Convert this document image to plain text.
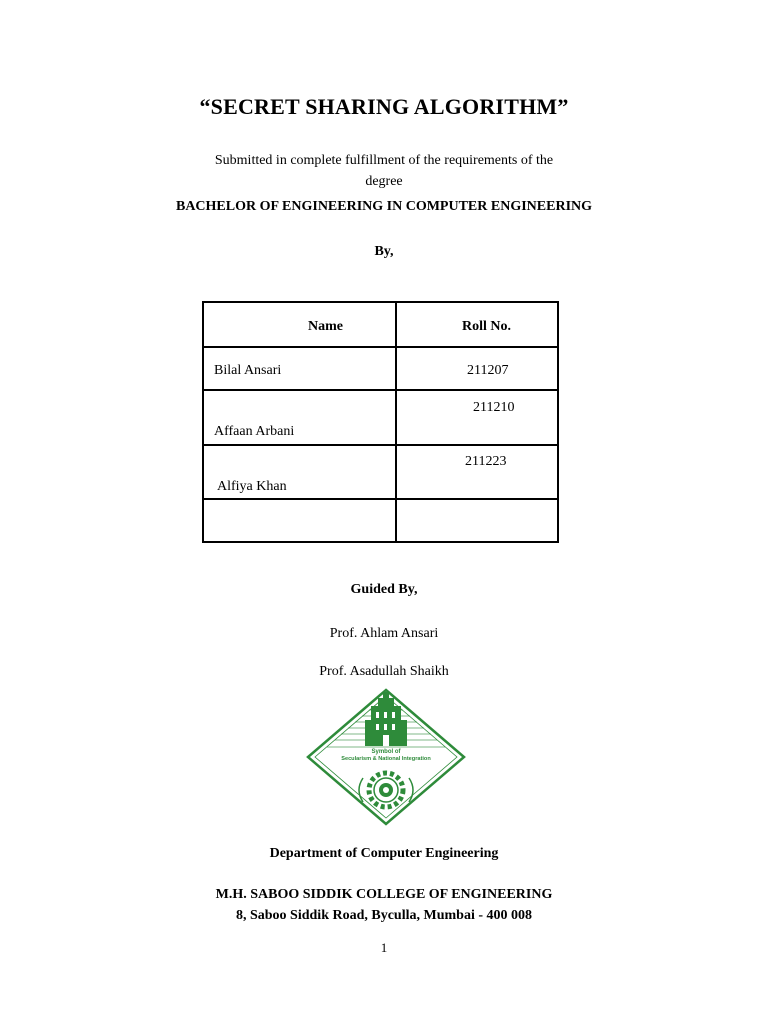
“SECRET SHARING ALGORITHM”
Submitted in complete fulfillment of the requirements of the
degree
BACHELOR OF ENGINEERING IN COMPUTER ENGINEERING
By,
Name	Roll No.
Bilal Ansari	211207
Affaan Arbani
211210
Alfiya Khan
211223
Guided By,
Prof. Ahlam Ansari
Prof. Asadullah Shaikh
Symbol of
Secularism & National Integration
Department of Computer Engineering
M.H. SABOO SIDDIK COLLEGE OF ENGINEERING
8, Saboo Siddik Road, Byculla, Mumbai - 400 008
1
